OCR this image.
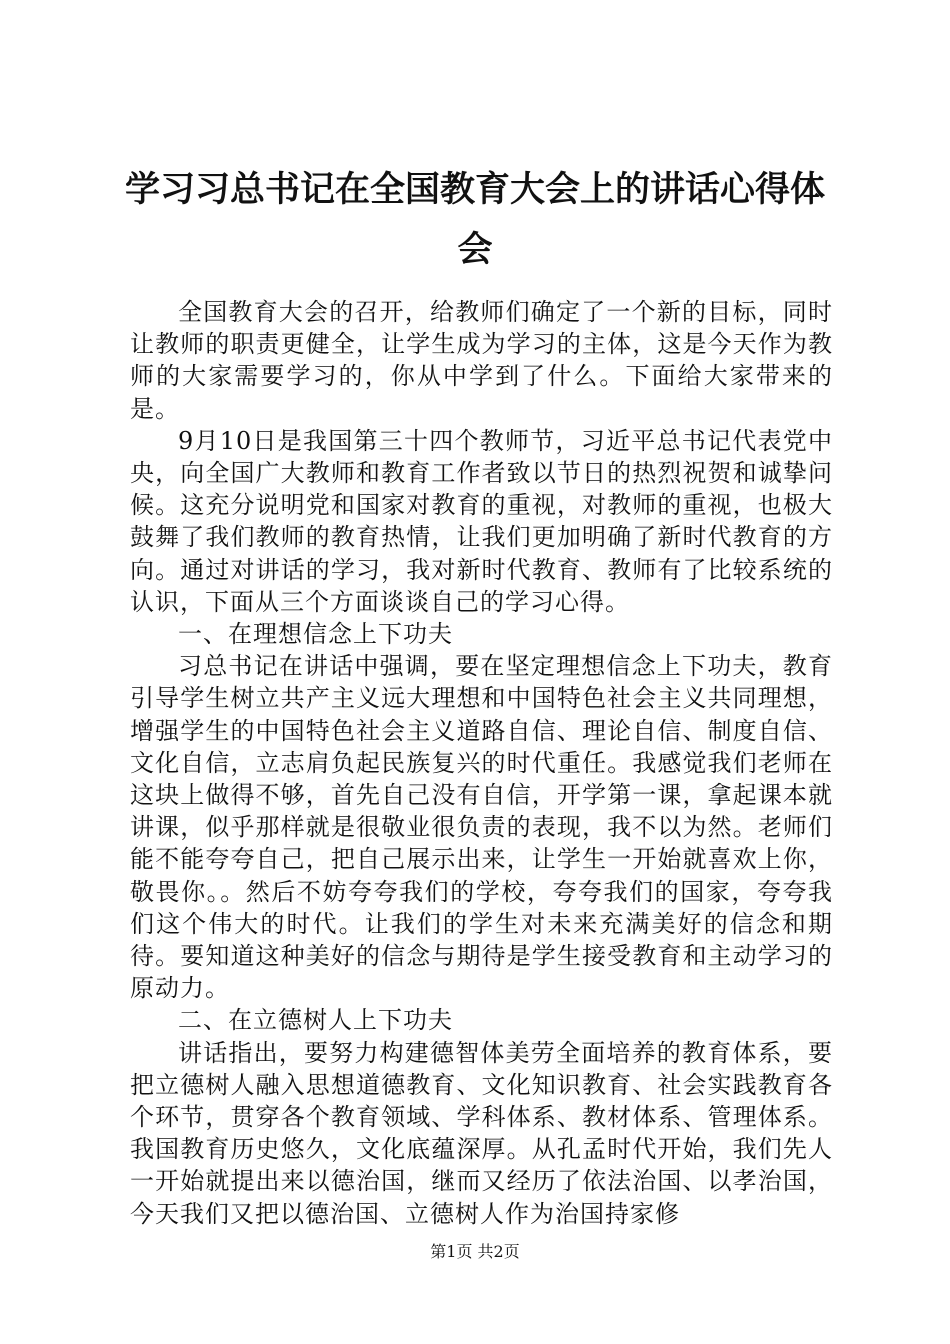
学习习总书记在全国教育大会上的讲话心得体会

全国教育大会的召开，给教师们确定了一个新的目标，同时让教师的职责更健全，让学生成为学习的主体，这是今天作为教师的大家需要学习的，你从中学到了什么。下面给大家带来的是。

9月10日是我国第三十四个教师节，习近平总书记代表党中央，向全国广大教师和教育工作者致以节日的热烈祝贺和诚挚问候。这充分说明党和国家对教育的重视，对教师的重视，也极大鼓舞了我们教师的教育热情，让我们更加明确了新时代教育的方向。通过对讲话的学习，我对新时代教育、教师有了比较系统的认识，下面从三个方面谈谈自己的学习心得。

一、在理想信念上下功夫

习总书记在讲话中强调，要在坚定理想信念上下功夫，教育引导学生树立共产主义远大理想和中国特色社会主义共同理想，增强学生的中国特色社会主义道路自信、理论自信、制度自信、文化自信，立志肩负起民族复兴的时代重任。我感觉我们老师在这块上做得不够，首先自己没有自信，开学第一课，拿起课本就讲课，似乎那样就是很敬业很负责的表现，我不以为然。老师们能不能夸夸自己，把自己展示出来，让学生一开始就喜欢上你，敬畏你。。然后不妨夸夸我们的学校，夸夸我们的国家，夸夸我们这个伟大的时代。让我们的学生对未来充满美好的信念和期待。要知道这种美好的信念与期待是学生接受教育和主动学习的原动力。

二、在立德树人上下功夫

讲话指出，要努力构建德智体美劳全面培养的教育体系，要把立德树人融入思想道德教育、文化知识教育、社会实践教育各个环节，贯穿各个教育领域、学科体系、教材体系、管理体系。我国教育历史悠久，文化底蕴深厚。从孔孟时代开始，我们先人一开始就提出来以德治国，继而又经历了依法治国、以孝治国，今天我们又把以德治国、立德树人作为治国持家修

第1页 共2页
